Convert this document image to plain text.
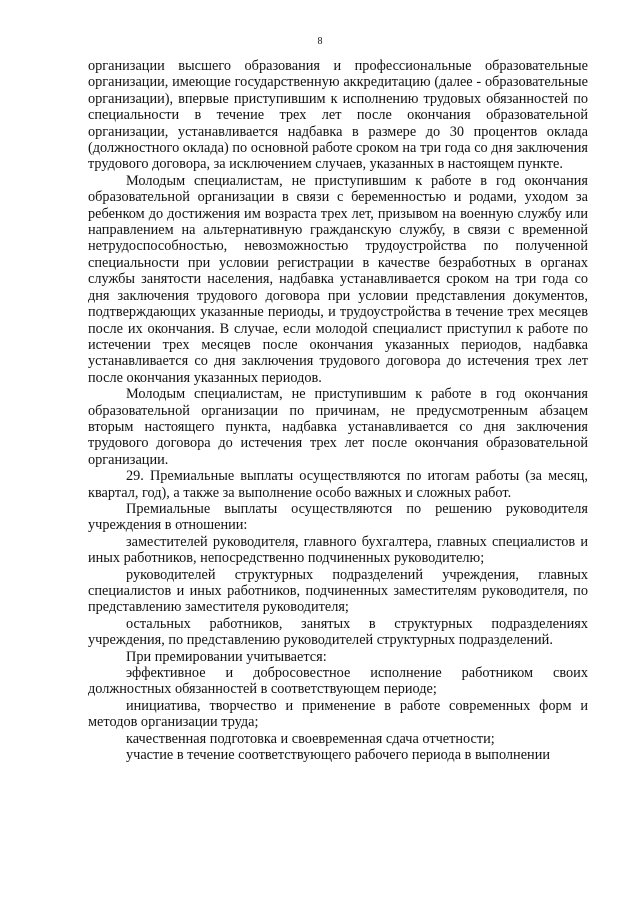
8

организации высшего образования и профессиональные образовательные организации, имеющие государственную аккредитацию (далее - образовательные организации), впервые приступившим к исполнению трудовых обязанностей по специальности в течение трех лет после окончания образовательной организации, устанавливается надбавка в размере до 30 процентов оклада (должностного оклада) по основной работе сроком на три года со дня заключения трудового договора, за исключением случаев, указанных в настоящем пункте.

Молодым специалистам, не приступившим к работе в год окончания образовательной организации в связи с беременностью и родами, уходом за ребенком до достижения им возраста трех лет, призывом на военную службу или направлением на альтернативную гражданскую службу, в связи с временной нетрудоспособностью, невозможностью трудоустройства по полученной специальности при условии регистрации в качестве безработных в органах службы занятости населения, надбавка устанавливается сроком на три года со дня заключения трудового договора при условии представления документов, подтверждающих указанные периоды, и трудоустройства в течение трех месяцев после их окончания. В случае, если молодой специалист приступил к работе по истечении трех месяцев после окончания указанных периодов, надбавка устанавливается со дня заключения трудового договора до истечения трех лет после окончания указанных периодов.

Молодым специалистам, не приступившим к работе в год окончания образовательной организации по причинам, не предусмотренным абзацем вторым настоящего пункта, надбавка устанавливается со дня заключения трудового договора до истечения трех лет после окончания образовательной организации.

29. Премиальные выплаты осуществляются по итогам работы (за месяц, квартал, год), а также за выполнение особо важных и сложных работ.

Премиальные выплаты осуществляются по решению руководителя учреждения в отношении:

заместителей руководителя, главного бухгалтера, главных специалистов и иных работников, непосредственно подчиненных руководителю;

руководителей структурных подразделений учреждения, главных специалистов и иных работников, подчиненных заместителям руководителя, по представлению заместителя руководителя;

остальных работников, занятых в структурных подразделениях учреждения, по представлению руководителей структурных подразделений.

При премировании учитывается:

эффективное и добросовестное исполнение работником своих должностных обязанностей в соответствующем периоде;

инициатива, творчество и применение в работе современных форм и методов организации труда;

качественная подготовка и своевременная сдача отчетности;

участие в течение соответствующего рабочего периода в выполнении
